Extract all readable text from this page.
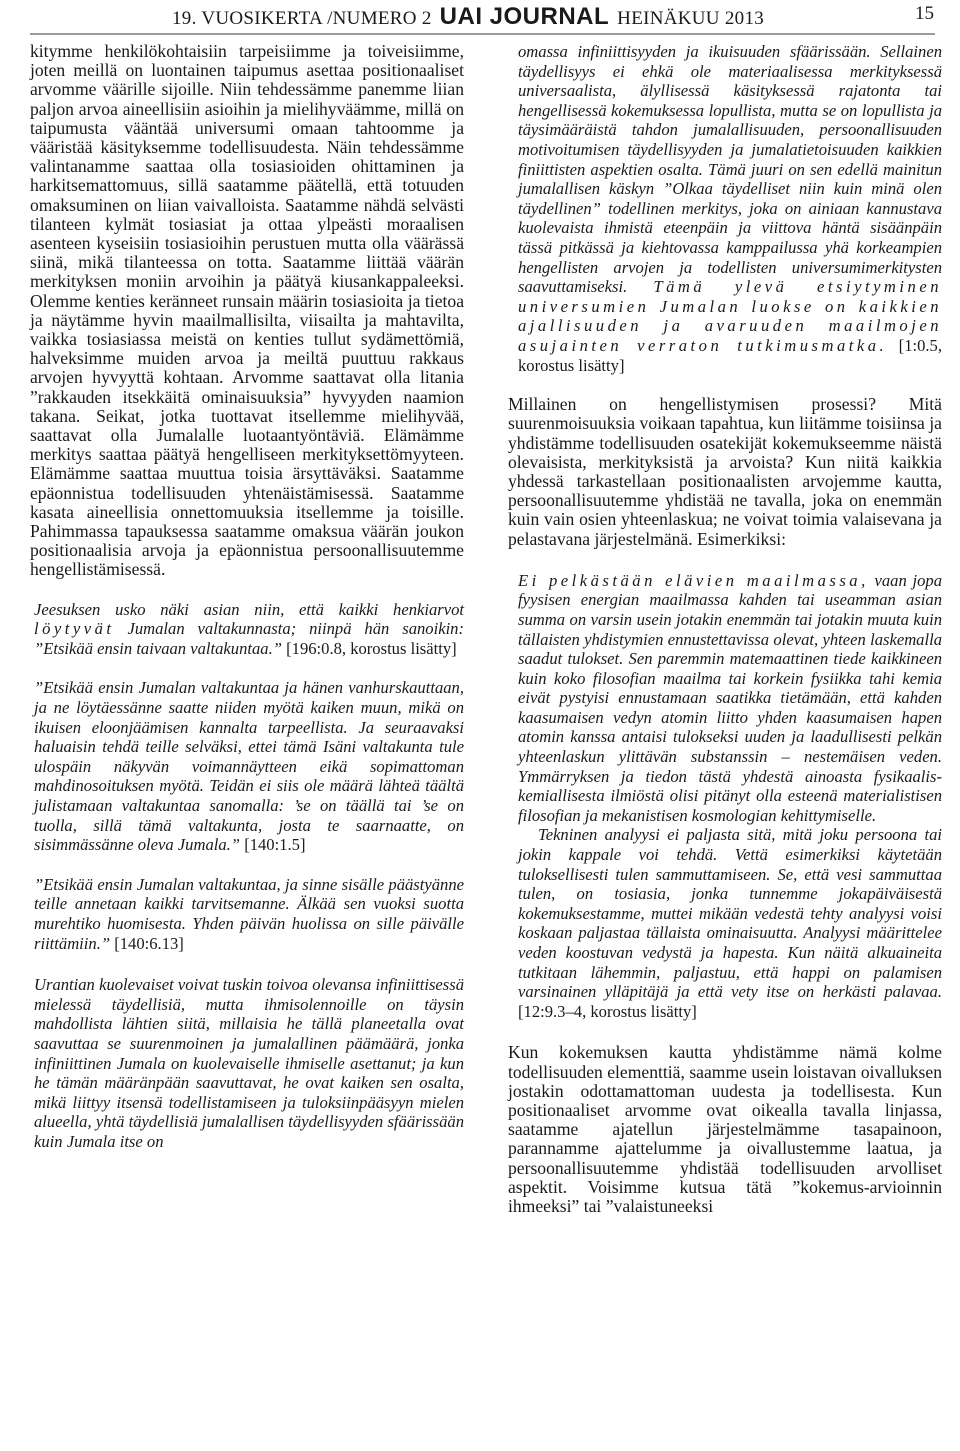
19. VUOSIKERTA /NUMERO 2 UAI JOURNAL HEINÄKUU 2013	15

kitymme henkilökohtaisiin tarpeisiimme ja toiveisiimme, joten meillä on luontainen taipumus asettaa positionaaliset arvomme väärille sijoille. Niin tehdessämme panemme liian paljon arvoa aineellisiin asioihin ja mielihyväämme, millä on taipumusta vääntää universumi omaan tahtoomme ja vääristää käsityksemme todellisuudesta. Näin tehdessämme valintanamme saattaa olla tosiasioiden ohittaminen ja harkitsemattomuus, sillä saatamme päätellä, että totuuden omaksuminen on liian vaivalloista. Saatamme nähdä selvästi tilanteen kylmät tosiasiat ja ottaa ylpeästi moraalisen asenteen kyseisiin tosiasioihin perustuen mutta olla väärässä siinä, mikä tilanteessa on totta. Saatamme liittää väärän merkityksen moniin arvoihin ja päätyä kiusankappaleeksi. Olemme kenties keränneet runsain määrin tosiasioita ja tietoa ja näytämme hyvin maailmallisilta, viisailta ja mahtavilta, vaikka tosiasiassa meistä on kenties tullut sydämettömiä, halveksimme muiden arvoa ja meiltä puuttuu rakkaus arvojen hyvyyttä kohtaan. Arvomme saattavat olla litania ”rakkauden itsekkäitä ominaisuuksia” hyvyyden naamion takana. Seikat, jotka tuottavat itsellemme mielihyvää, saattavat olla Jumalalle luotaantyöntäviä. Elämämme merkitys saattaa päätyä hengelliseen merkityksettömyyteen. Elämämme saattaa muuttua toisia ärsyttäväksi. Saatamme epäonnistua todellisuuden yhtenäistämisessä. Saatamme kasata aineellisia onnettomuuksia itsellemme ja toisille. Pahimmassa tapauksessa saatamme omaksua väärän joukon positionaalisia arvoja ja epäonnistua persoonallisuutemme hengellistämisessä.

Jeesuksen usko näki asian niin, että kaikki henkiarvot löytyvät Jumalan valtakunnasta; niinpä hän sanoikin: ”Etsikää ensin taivaan valtakuntaa.” [196:0.8, korostus lisätty]

”Etsikää ensin Jumalan valtakuntaa ja hänen vanhurskauttaan, ja ne löytäessänne saatte niiden myötä kaiken muun, mikä on ikuisen eloonjäämisen kannalta tarpeellista. Ja seuraavaksi haluaisin tehdä teille selväksi, ettei tämä Isäni valtakunta tule ulospäin näkyvän voimannäytteen eikä sopimattoman mahdinosoituksen myötä. Teidän ei siis ole määrä lähteä täältä julistamaan valtakuntaa sanomalla: ’se on täällä tai ’se on tuolla, sillä tämä valtakunta, josta te saarnaatte, on sisimmässänne oleva Jumala.” [140:1.5]

”Etsikää ensin Jumalan valtakuntaa, ja sinne sisälle päästyänne teille annetaan kaikki tarvitsemanne. Älkää sen vuoksi suotta murehtiko huomisesta. Yhden päivän huolissa on sille päivälle riittämiin.” [140:6.13]

Urantian kuolevaiset voivat tuskin toivoa olevansa infiniittisessä mielessä täydellisiä, mutta ihmisolennoille on täysin mahdollista lähtien siitä, millaisia he tällä planeetalla ovat saavuttaa se suurenmoinen ja jumalallinen päämäärä, jonka infiniittinen Jumala on kuolevaiselle ihmiselle asettanut; ja kun he tämän määränpään saavuttavat, he ovat kaiken sen osalta, mikä liittyy itsensä todellistamiseen ja tuloksiinpääsyyn mielen alueella, yhtä täydellisiä jumalallisen täydellisyyden sfäärissään kuin Jumala itse on

omassa infiniittisyyden ja ikuisuuden sfäärissään. Sellainen täydellisyys ei ehkä ole materiaalisessa merkityksessä universaalista, älyllisessä käsityksessä rajatonta tai hengellisessä kokemuksessa lopullista, mutta se on lopullista ja täysimääräistä tahdon jumalallisuuden, persoonallisuuden motivoitumisen täydellisyyden ja jumalatietoisuuden kaikkien finiittisten aspektien osalta. Tämä juuri on sen edellä mainitun jumalallisen käskyn ”Olkaa täydelliset niin kuin minä olen täydellinen” todellinen merkitys, joka on ainiaan kannustava kuolevaista ihmistä eteenpäin ja viittova häntä sisäänpäin tässä pitkässä ja kiehtovassa kamppailussa yhä korkeampien hengellisten arvojen ja todellisten universumimerkitysten saavuttamiseksi. Tämä ylevä etsiytyminen universumien Jumalan luokse on kaikkien ajallisuuden ja avaruuden maailmojen asujainten verraton tutkimusmatka. [1:0.5, korostus lisätty]

Millainen on hengellistymisen prosessi? Mitä suurenmoisuuksia voikaan tapahtua, kun liitämme toisiinsa ja yhdistämme todellisuuden osatekijät kokemukseemme näistä olevaisista, merkityksistä ja arvoista? Kun niitä kaikkia yhdessä tarkastellaan positionaalisten arvojemme kautta, persoonallisuutemme yhdistää ne tavalla, joka on enemmän kuin vain osien yhteenlaskua; ne voivat toimia valaisevana ja pelastavana järjestelmänä. Esimerkiksi:

Ei pelkästään elävien maailmassa, vaan jopa fyysisen energian maailmassa kahden tai useamman asian summa on varsin usein jotakin enemmän tai jotakin muuta kuin tällaisten yhdistymien ennustettavissa olevat, yhteen laskemalla saadut tulokset. Sen paremmin matemaattinen tiede kaikkineen kuin koko filosofian maailma tai korkein fysiikka tahi kemia eivät pystyisi ennustamaan saatikka tietämään, että kahden kaasumaisen vedyn atomin liitto yhden kaasumaisen hapen atomin kanssa antaisi tulokseksi uuden ja laadullisesti pelkän yhteenlaskun ylittävän substanssin – nestemäisen veden. Ymmärryksen ja tiedon tästä yhdestä ainoasta fysikaalis-kemiallisesta ilmiöstä olisi pitänyt olla esteenä materialistisen filosofian ja mekanistisen kosmologian kehittymiselle.

Tekninen analyysi ei paljasta sitä, mitä joku persoona tai jokin kappale voi tehdä. Vettä esimerkiksi käytetään tuloksellisesti tulen sammuttamiseen. Se, että vesi sammuttaa tulen, on tosiasia, jonka tunnemme jokapäiväisestä kokemuksestamme, muttei mikään vedestä tehty analyysi voisi koskaan paljastaa tällaista ominaisuutta. Analyysi määrittelee veden koostuvan vedystä ja hapesta. Kun näitä alkuaineita tutkitaan lähemmin, paljastuu, että happi on palamisen varsinainen ylläpitäjä ja että vety itse on herkästi palavaa. [12:9.3–4, korostus lisätty]

Kun kokemuksen kautta yhdistämme nämä kolme todellisuuden elementtiä, saamme usein loistavan oivalluksen jostakin odottamattoman uudesta ja todellisesta. Kun positionaaliset arvomme ovat oikealla tavalla linjassa, saatamme ajatellun järjestelmämme tasapainoon, parannamme ajattelumme ja oivallustemme laatua, ja persoonallisuutemme yhdistää todellisuuden arvolliset aspektit. Voisimme kutsua tätä ”kokemus-arvioinnin ihmeeksi” tai ”valaistuneeksi
